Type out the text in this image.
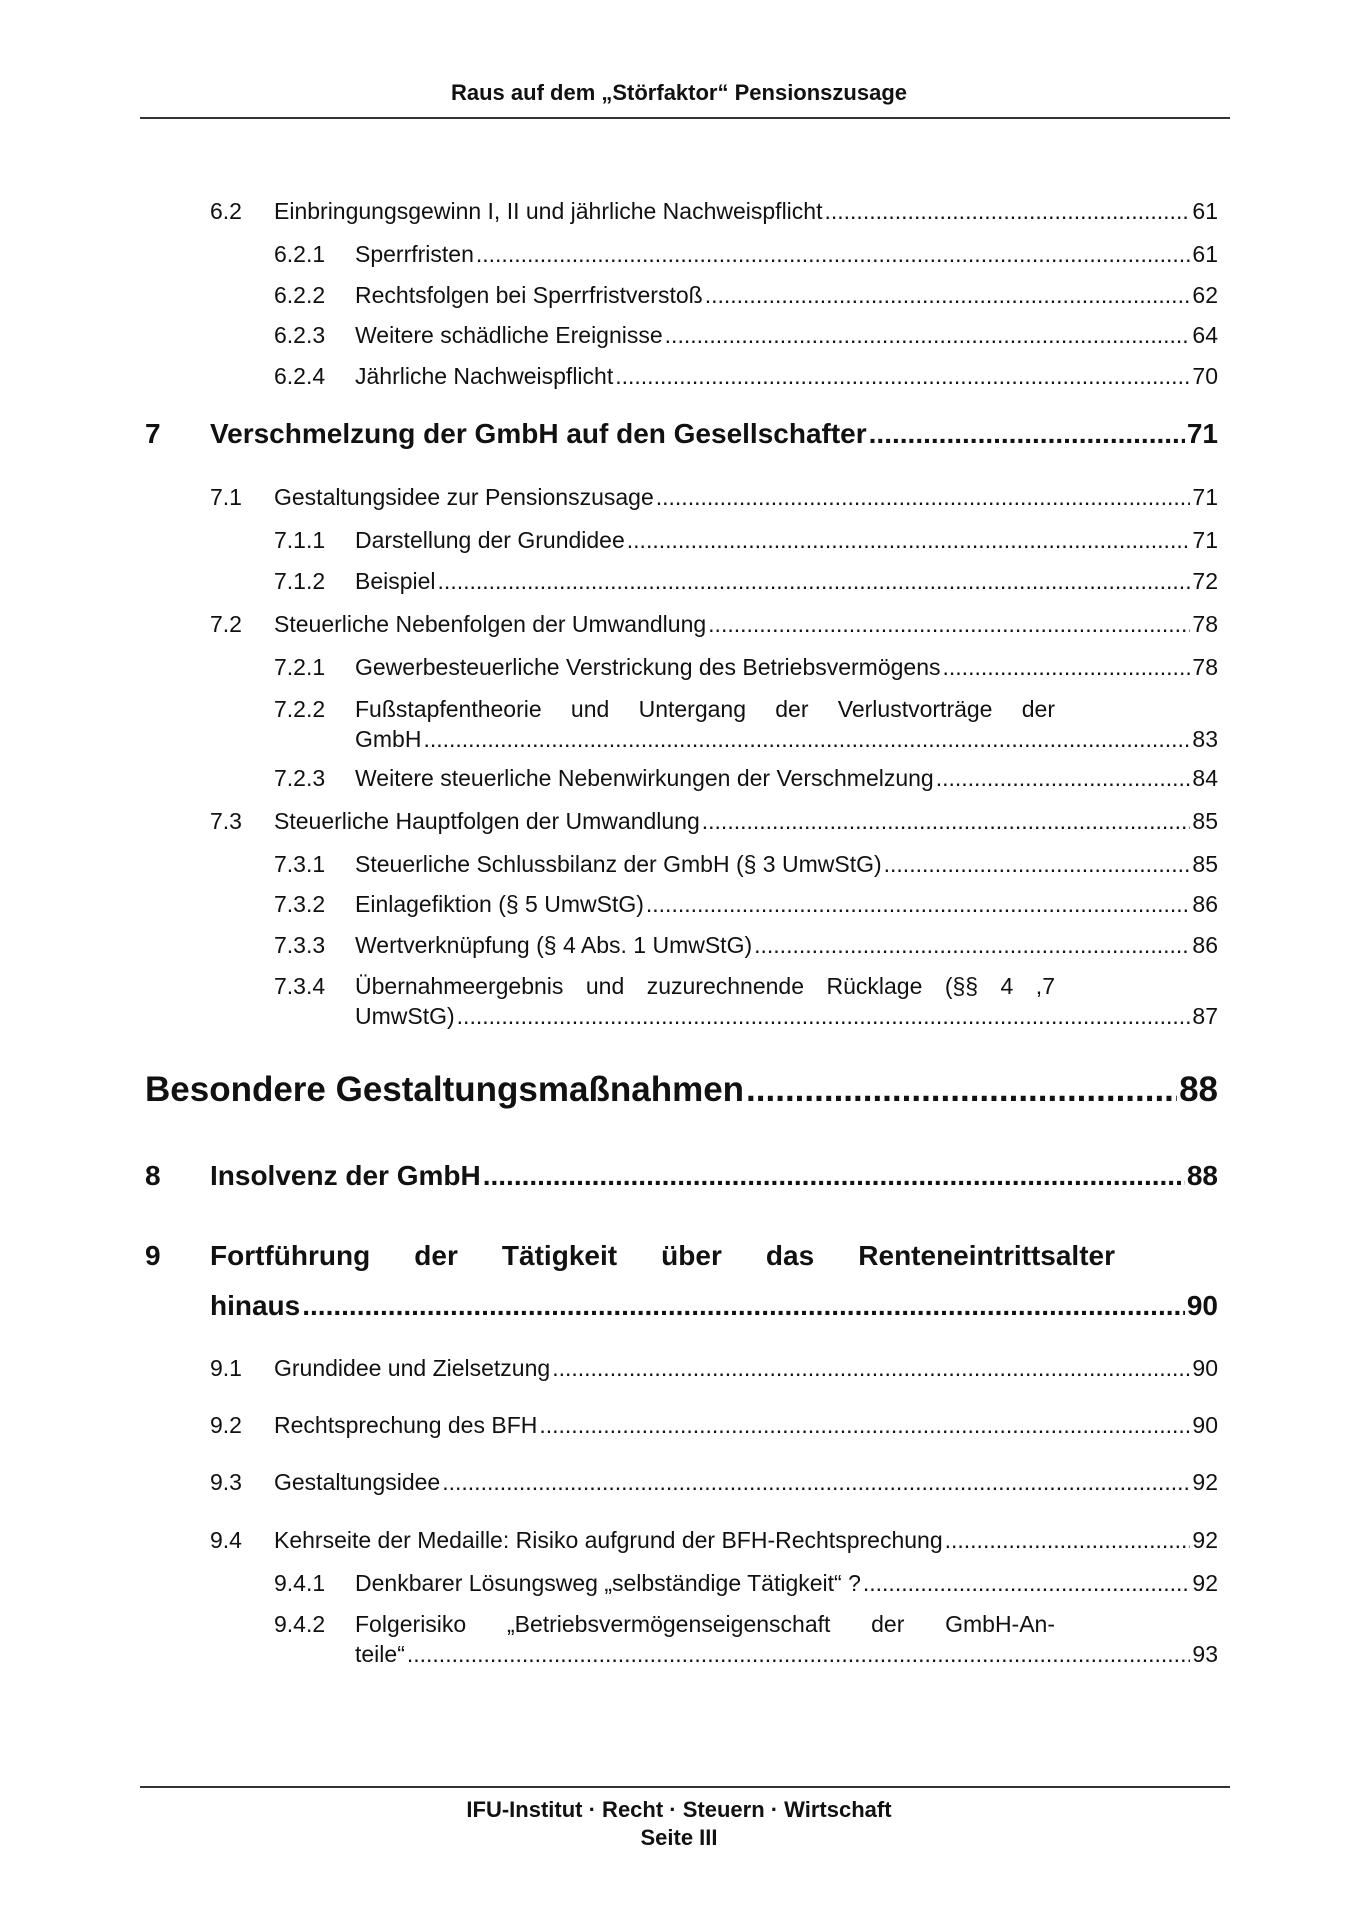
Raus auf dem „Störfaktor“ Pensionszusage
6.2	Einbringungsgewinn I, II und jährliche Nachweispflicht .....	61
6.2.1	Sperrfristen .....	61
6.2.2	Rechtsfolgen bei Sperrfristverstoß .....	62
6.2.3	Weitere schädliche Ereignisse .....	64
6.2.4	Jährliche Nachweispflicht .....	70
7	Verschmelzung der GmbH auf den Gesellschafter .....	71
7.1	Gestaltungsidee zur Pensionszusage .....	71
7.1.1	Darstellung der Grundidee .....	71
7.1.2	Beispiel .....	72
7.2	Steuerliche Nebenfolgen der Umwandlung .....	78
7.2.1	Gewerbesteuerliche Verstrickung des Betriebsvermögens .....	78
7.2.2 Fußstapfentheorie und Untergang der Verlustvorträge der
GmbH .....	83
7.2.3	Weitere steuerliche Nebenwirkungen der Verschmelzung .....	84
7.3	Steuerliche Hauptfolgen der Umwandlung .....	85
7.3.1	Steuerliche Schlussbilanz der GmbH (§ 3 UmwStG) .....	85
7.3.2	Einlagefiktion (§ 5 UmwStG) .....	86
7.3.3	Wertverknüpfung (§ 4 Abs. 1 UmwStG) .....	86
7.3.4 Übernahmeergebnis und zuzurechnende Rücklage (§§ 4 ,7
UmwStG) .....	87
Besondere Gestaltungsmaßnahmen .....	88
8	Insolvenz der GmbH .....	88
9 Fortführung der Tätigkeit über das Renteneintrittsalter
hinaus .....	90
9.1	Grundidee und Zielsetzung .....	90
9.2	Rechtsprechung des BFH .....	90
9.3	Gestaltungsidee .....	92
9.4	Kehrseite der Medaille: Risiko aufgrund der BFH-Rechtsprechung .....	92
9.4.1	Denkbarer Lösungsweg „selbständige Tätigkeit“ ? .....	92
9.4.2 Folgerisiko „Betriebsvermögenseigenschaft der GmbH-An-
teile“ .....	93
IFU-Institut · Recht · Steuern · Wirtschaft
Seite III
